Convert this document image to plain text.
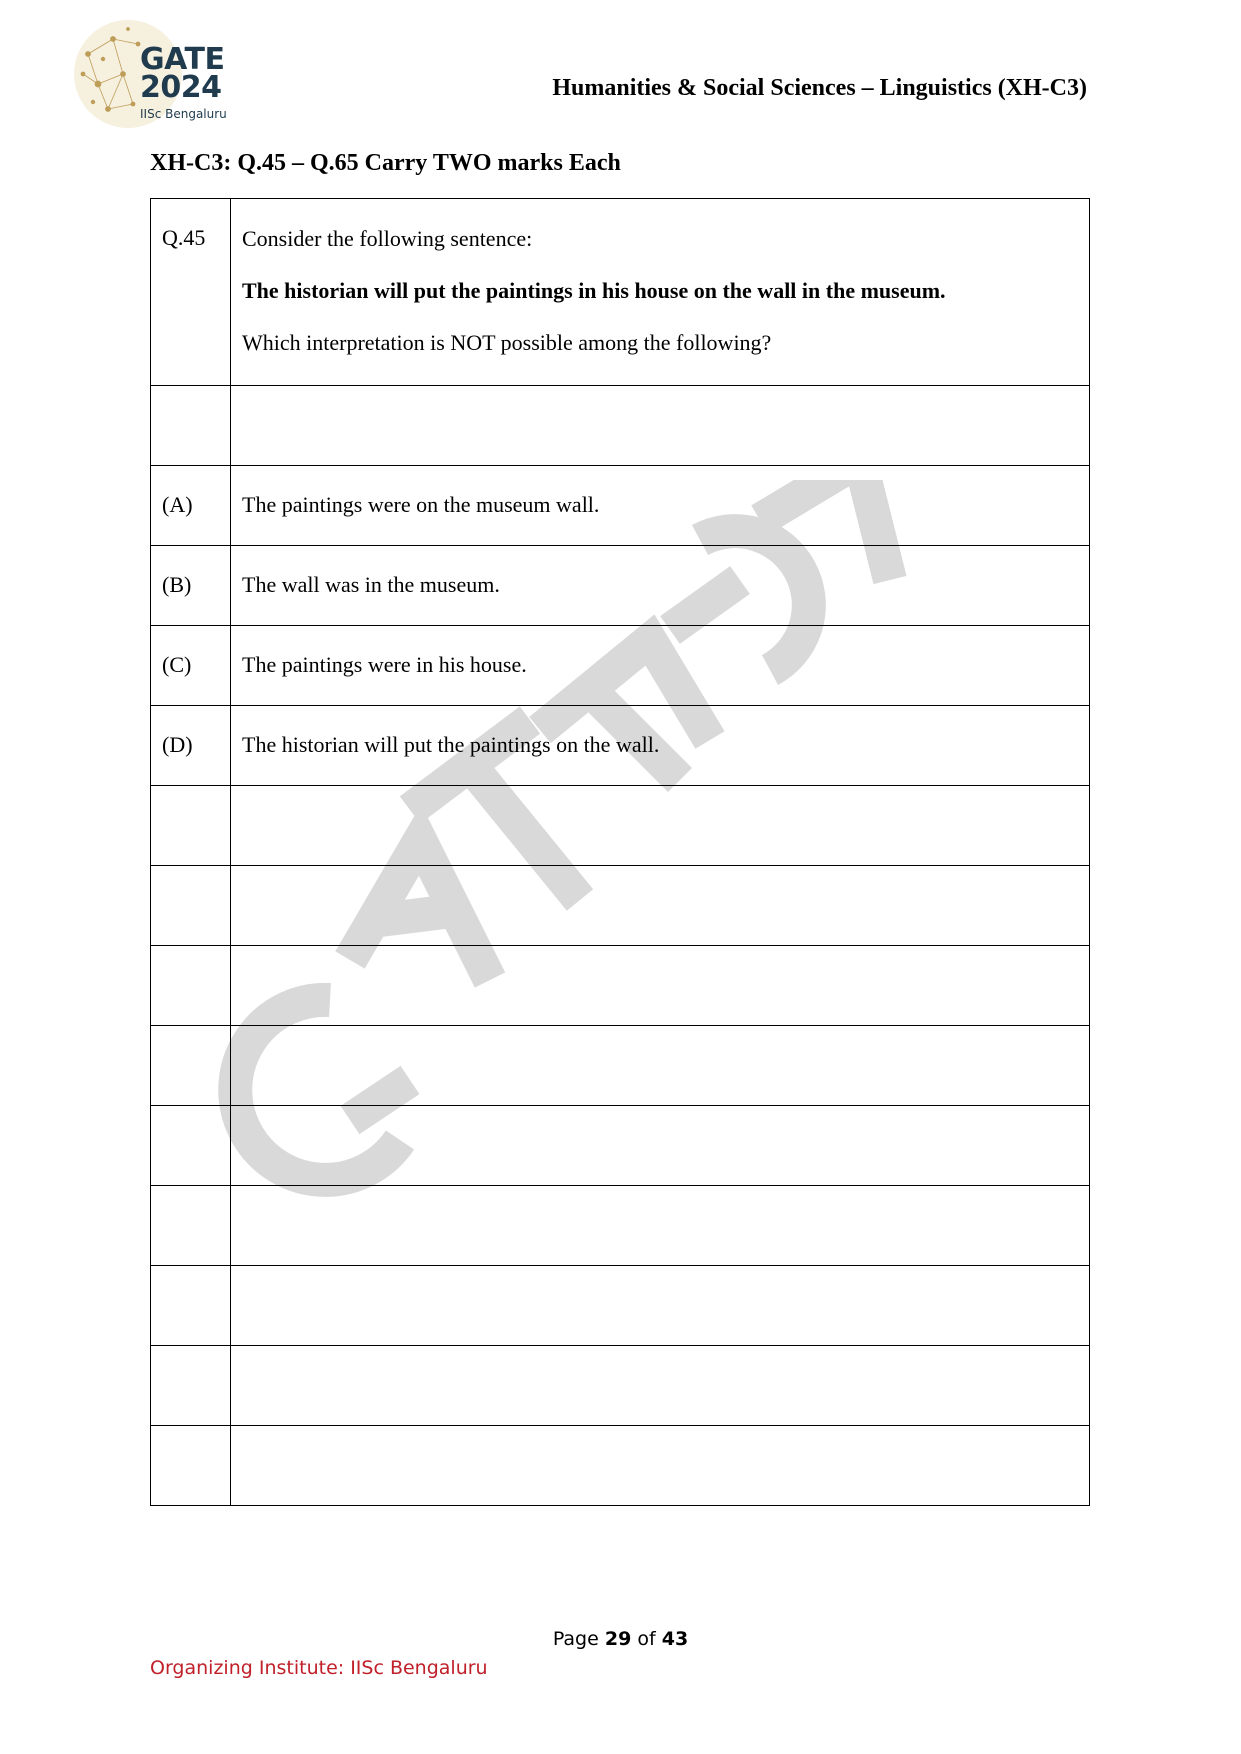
GATE
2024
IISc Bengaluru
Humanities & Social Sciences – Linguistics (XH-C3)
XH-C3: Q.45 – Q.65 Carry TWO marks Each
Q.45	Consider the following sentence:

The historian will put the paintings in his house on the wall in the museum.

Which interpretation is NOT possible among the following?

(A)	The paintings were on the museum wall.
(B)	The wall was in the museum.
(C)	The paintings were in his house.
(D)	The historian will put the paintings on the wall.

Page 29 of 43
Organizing Institute: IISc Bengaluru
